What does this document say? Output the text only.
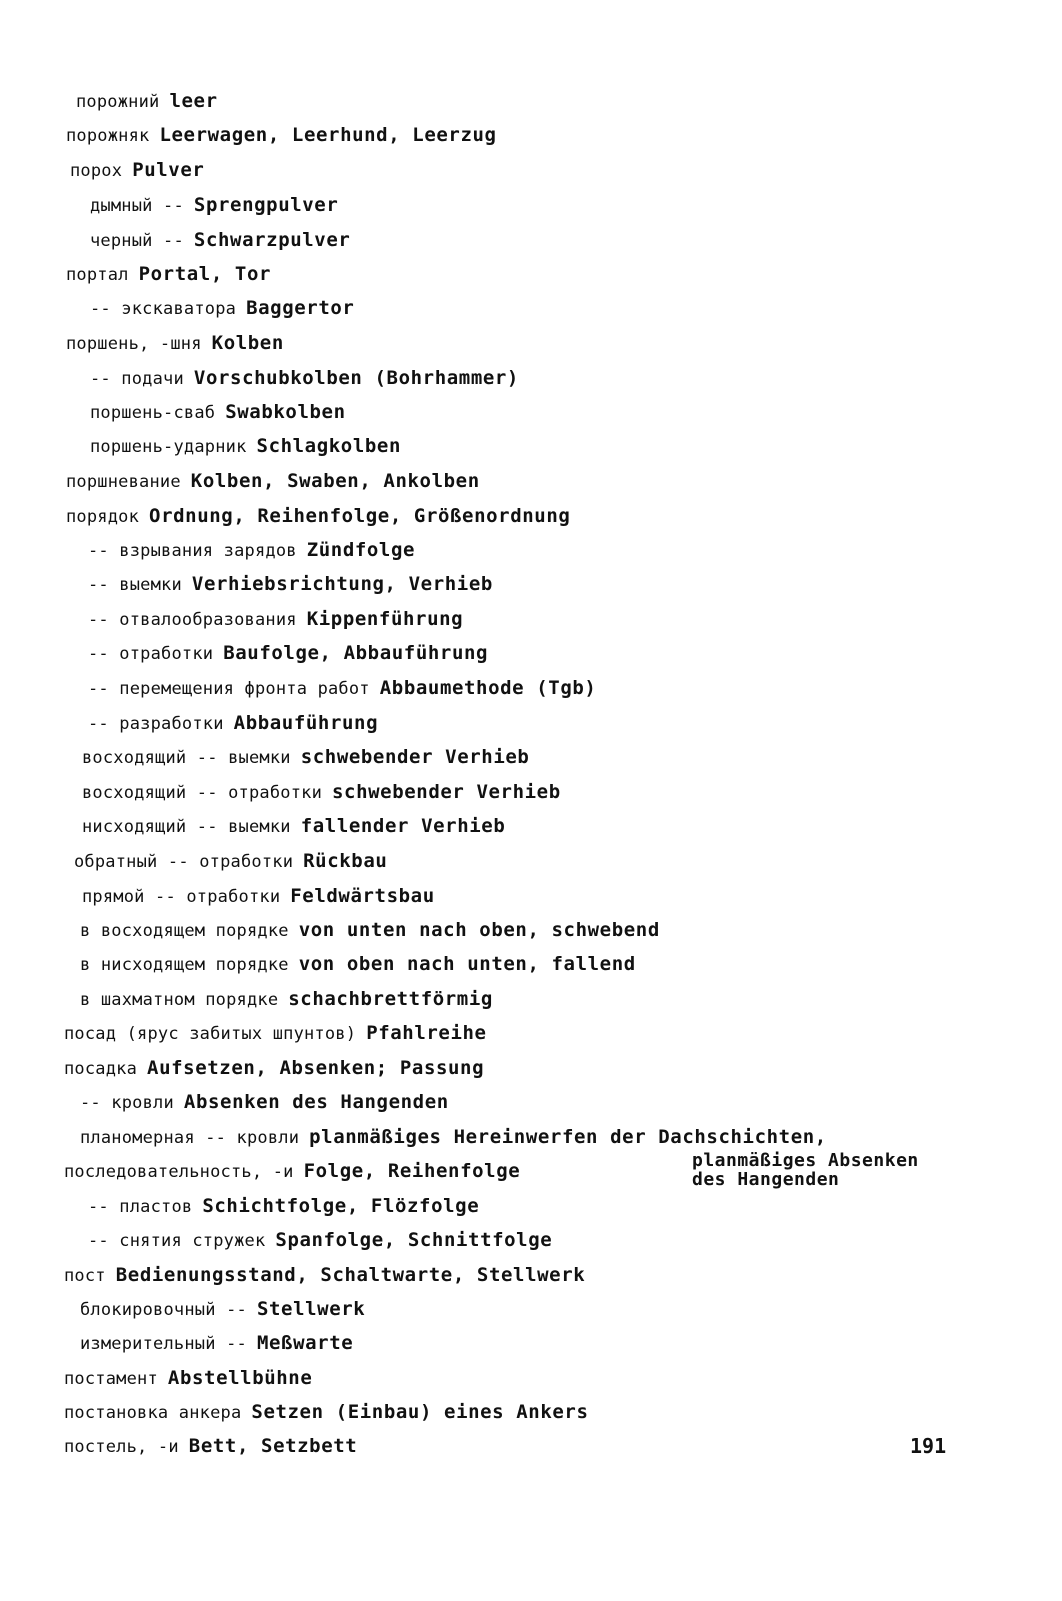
порожний leer
порожняк Leerwagen, Leerhund, Leerzug
порох Pulver
дымный -- Sprengpulver
черный -- Schwarzpulver
портал Portal, Tor
-- экскаватора Baggertor
поршень, -шня Kolben
-- подачи Vorschubkolben (Bohrhammer)
поршень-сваб Swabkolben
поршень-ударник Schlagkolben
поршневание Kolben, Swaben, Ankolben
порядок Ordnung, Reihenfolge, Größenordnung
-- взрывания зарядов Zündfolge
-- выемки Verhiebsrichtung, Verhieb
-- отвалообразования Kippenführung
-- отработки Baufolge, Abbauführung
-- перемещения фронта работ Abbaumethode (Tgb)
-- разработки Abbauführung
восходящий -- выемки schwebender Verhieb
восходящий -- отработки schwebender Verhieb
нисходящий -- выемки fallender Verhieb
обратный -- отработки Rückbau
прямой -- отработки Feldwärtsbau
в восходящем порядке von unten nach oben, schwebend
в нисходящем порядке von oben nach unten, fallend
в шахматном порядке schachbrettförmig
посад (ярус забитых шпунтов) Pfahlreihe
посадка Aufsetzen, Absenken; Passung
-- кровли Absenken des Hangenden
планомерная -- кровли planmäßiges Hereinwerfen der Dachschichten,
последовательность, -и Folge, Reihenfolge
-- пластов Schichtfolge, Flözfolge
-- снятия стружек Spanfolge, Schnittfolge
пост Bedienungsstand, Schaltwarte, Stellwerk
блокировочный -- Stellwerk
измерительный -- Meßwarte
постамент Abstellbühne
постановка анкера Setzen (Einbau) eines Ankers
постель, -и Bett, Setzbett
planmäßiges Absenken
des Hangenden
191
